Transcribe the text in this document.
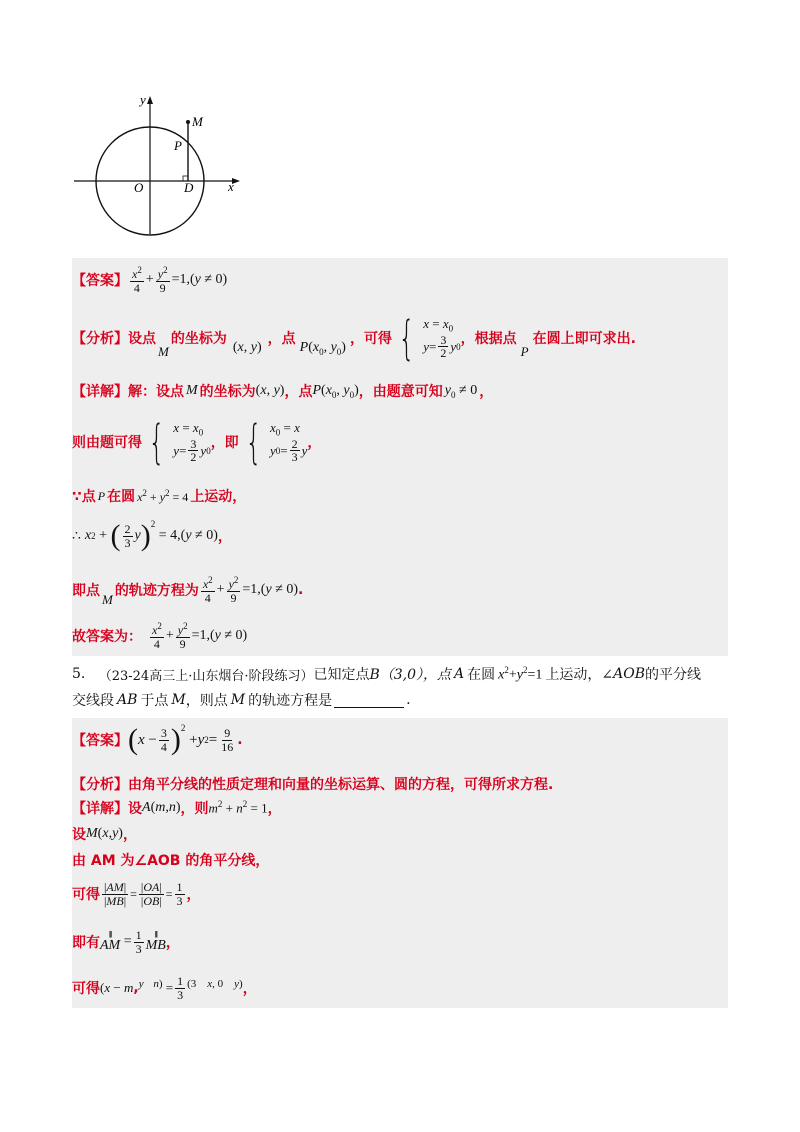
y
x
O	D
P
M
【答案】 $\frac{x^2}{4} + \frac{y^2}{9} =1$,( y ≠ 0)
【分析】 设点
M
的坐标为
(x, y)
，点
$P(x_0$, $y_0$)
，可得 { $x = x_0$
$y = \frac{3}{2}$ y 0 ，根据点
P
在圆上即可求出.
【详解】 解：设点 M 的坐标为 (x, y) ，点 $P(x_0$, $y_0$) ，由题意可知 $y_0 \ne 0$ ，
则由题可得 { $x = x_0$
$y = \frac{3}{2}$ y 0 ，即 { $x_0 = x$
y $0 = \frac{2}{3}$ y ，
∵点 P 在圆 $x^2 + y^2 = 4$ 上运动，
∴ x 2 + ( $\frac{2}{3}$ y )$^2$
= 4,( y ≠ 0) ，
即点
M
的轨迹方程为 $\frac{x^2}{4} + \frac{y^2}{9} =1$,( y ≠ 0) .
故答案为： $\frac{x^2}{4} + \frac{y^2}{9} =1$,( y ≠ 0)
5.
（23-24高三上·山东烟台·阶段练习） 已知定点 B（3,0），点 A 在圆 $x^2+y^2=1$ 上运动，∠ AOB 的平分线
交线段 AB 于点 M ，则点 M 的轨迹方程是	.
【答案】 ( $x - \frac{3}{4} )^2$
+ y $2 = \frac{9}{16}$ .
【分析】 由角平分线的性质定理和向量的坐标运算、圆的方程，可得所求方程.
【详解】 设 A(m,n) ，则 $m^2 + n^2 = 1$ ，
设 M(x,y) ，
由 AM 为∠AOB 的角平分线，
可得 $\frac{|AM|}{|MB|} = \frac{|OA|}{|OB|} = \frac{1}{3}$ ，
即有
||||||
AM = $\frac{1}{3}$ ||||||
MB ，
可得 ( x − m , y
n ) = $\frac{1}{3} (3$    x, 0    y) ，
